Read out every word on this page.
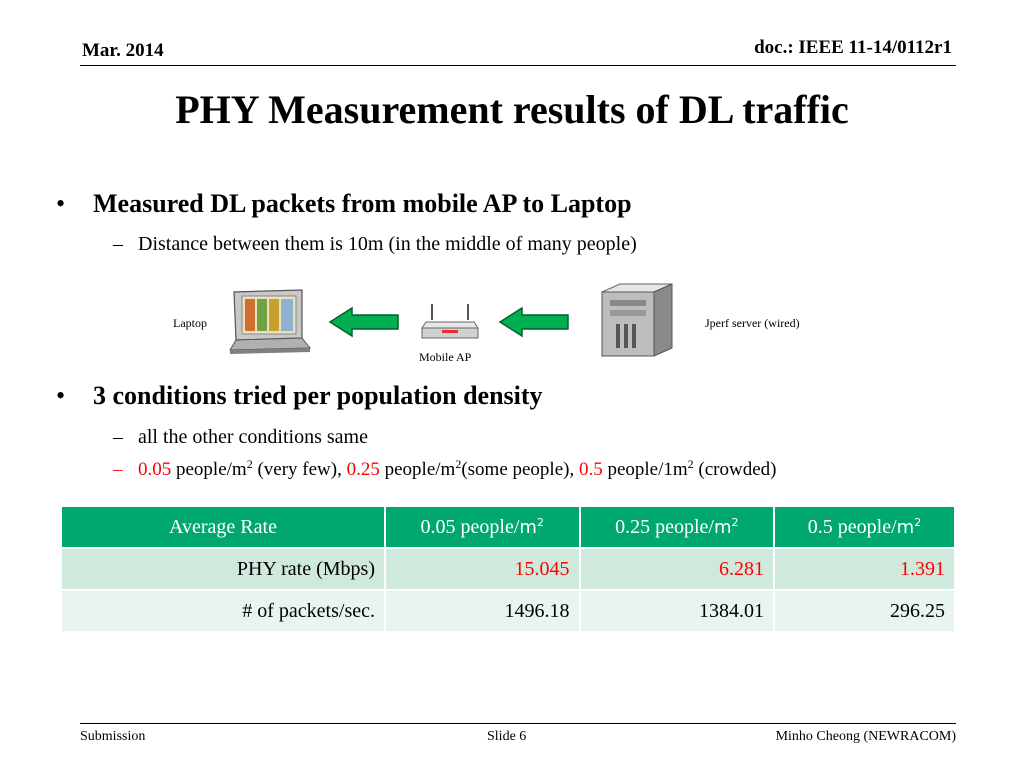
Mar. 2014	doc.: IEEE 11-14/0112r1
PHY Measurement results of DL traffic
• Measured DL packets from mobile AP to Laptop
– Distance between them is 10m (in the middle of many people)
Laptop
Mobile AP
Jperf server (wired)
• 3 conditions tried per population density
– all the other conditions same
– 0.05 people/$m^2$ (very few), 0.25 people/$m^2(some$ people), 0.5 people/$1m^2$ (crowded)
Average Rate	0.05 people/$m^2$	0.25 people/$m^2$	0.5 people/$m^2$
PHY rate (Mbps)	15.045	6.281	1.391
# of packets/sec.	1496.18	1384.01	296.25
Submission	Slide 6	Minho Cheong (NEWRACOM)
